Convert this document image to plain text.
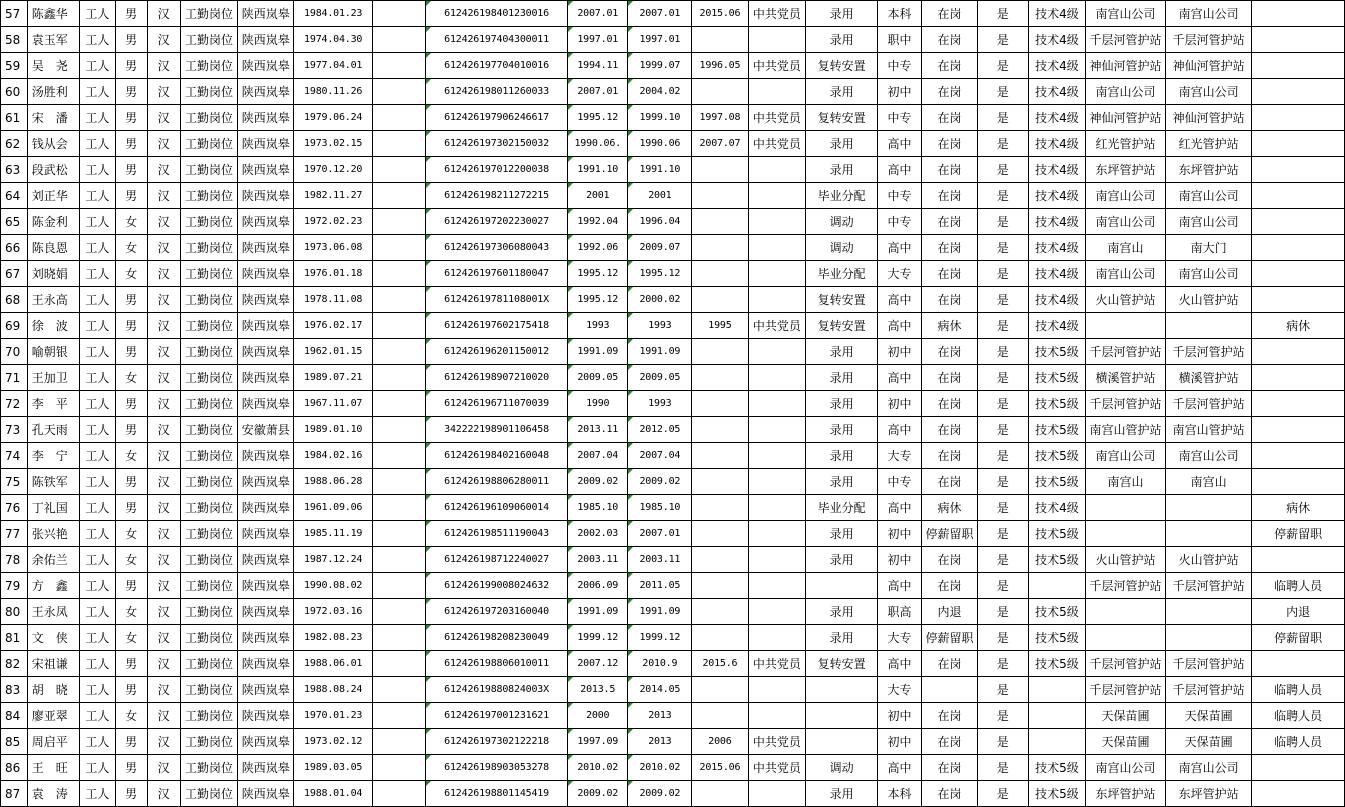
57	陈鑫华	工人	男	汉	工勤岗位	陕西岚皋	1984.01.23		612426198401230016	2007.01	2007.01	2015.06	中共党员	录用	本科	在岗	是	技术4级	南宫山公司	南宫山公司	
58	袁玉军	工人	男	汉	工勤岗位	陕西岚皋	1974.04.30		612426197404300011	1997.01	1997.01			录用	职中	在岗	是	技术4级	千层河管护站	千层河管护站	
59	吴　尧	工人	男	汉	工勤岗位	陕西岚皋	1977.04.01		612426197704010016	1994.11	1999.07	1996.05	中共党员	复转安置	中专	在岗	是	技术4级	神仙河管护站	神仙河管护站	
60	汤胜利	工人	男	汉	工勤岗位	陕西岚皋	1980.11.26		612426198011260033	2007.01	2004.02			录用	初中	在岗	是	技术4级	南宫山公司	南宫山公司	
61	宋　潘	工人	男	汉	工勤岗位	陕西岚皋	1979.06.24		612426197906246617	1995.12	1999.10	1997.08	中共党员	复转安置	中专	在岗	是	技术4级	神仙河管护站	神仙河管护站	
62	钱从会	工人	男	汉	工勤岗位	陕西岚皋	1973.02.15		612426197302150032	1990.06.	1990.06	2007.07	中共党员	录用	高中	在岗	是	技术4级	红光管护站	红光管护站	
63	段武松	工人	男	汉	工勤岗位	陕西岚皋	1970.12.20		612426197012200038	1991.10	1991.10			录用	高中	在岗	是	技术4级	东坪管护站	东坪管护站	
64	刘正华	工人	男	汉	工勤岗位	陕西岚皋	1982.11.27		612426198211272215	2001	2001			毕业分配	中专	在岗	是	技术4级	南宫山公司	南宫山公司	
65	陈金利	工人	女	汉	工勤岗位	陕西岚皋	1972.02.23		612426197202230027	1992.04	1996.04			调动	中专	在岗	是	技术4级	南宫山公司	南宫山公司	
66	陈良恩	工人	女	汉	工勤岗位	陕西岚皋	1973.06.08		612426197306080043	1992.06	2009.07			调动	高中	在岗	是	技术4级	南宫山	南大门	
67	刘晓娟	工人	女	汉	工勤岗位	陕西岚皋	1976.01.18		612426197601180047	1995.12	1995.12			毕业分配	大专	在岗	是	技术4级	南宫山公司	南宫山公司	
68	王永高	工人	男	汉	工勤岗位	陕西岚皋	1978.11.08		61242619781108001X	1995.12	2000.02			复转安置	高中	在岗	是	技术4级	火山管护站	火山管护站	
69	徐　波	工人	男	汉	工勤岗位	陕西岚皋	1976.02.17		612426197602175418	1993	1993	1995	中共党员	复转安置	高中	病休	是	技术4级			病休
70	喻朝银	工人	男	汉	工勤岗位	陕西岚皋	1962.01.15		612426196201150012	1991.09	1991.09			录用	初中	在岗	是	技术5级	千层河管护站	千层河管护站	
71	王加卫	工人	女	汉	工勤岗位	陕西岚皋	1989.07.21		612426198907210020	2009.05	2009.05			录用	高中	在岗	是	技术5级	横溪管护站	横溪管护站	
72	李　平	工人	男	汉	工勤岗位	陕西岚皋	1967.11.07		612426196711070039	1990	1993			录用	初中	在岗	是	技术5级	千层河管护站	千层河管护站	
73	孔天雨	工人	男	汉	工勤岗位	安徽萧县	1989.01.10		342222198901106458	2013.11	2012.05			录用	高中	在岗	是	技术5级	南宫山管护站	南宫山管护站	
74	李　宁	工人	女	汉	工勤岗位	陕西岚皋	1984.02.16		612426198402160048	2007.04	2007.04			录用	大专	在岗	是	技术5级	南宫山公司	南宫山公司	
75	陈铁军	工人	男	汉	工勤岗位	陕西岚皋	1988.06.28		612426198806280011	2009.02	2009.02			录用	中专	在岗	是	技术5级	南宫山	南宫山	
76	丁礼国	工人	男	汉	工勤岗位	陕西岚皋	1961.09.06		612426196109060014	1985.10	1985.10			毕业分配	高中	病休	是	技术4级			病休
77	张兴艳	工人	女	汉	工勤岗位	陕西岚皋	1985.11.19		612426198511190043	2002.03	2007.01			录用	初中	停薪留职	是	技术5级			停薪留职
78	余佑兰	工人	女	汉	工勤岗位	陕西岚皋	1987.12.24		612426198712240027	2003.11	2003.11			录用	初中	在岗	是	技术5级	火山管护站	火山管护站	
79	方　鑫	工人	男	汉	工勤岗位	陕西岚皋	1990.08.02		612426199008024632	2006.09	2011.05				高中	在岗	是		千层河管护站	千层河管护站	临聘人员
80	王永凤	工人	女	汉	工勤岗位	陕西岚皋	1972.03.16		612426197203160040	1991.09	1991.09			录用	职高	内退	是	技术5级			内退
81	文　侠	工人	女	汉	工勤岗位	陕西岚皋	1982.08.23		612426198208230049	1999.12	1999.12			录用	大专	停薪留职	是	技术5级			停薪留职
82	宋祖谦	工人	男	汉	工勤岗位	陕西岚皋	1988.06.01		612426198806010011	2007.12	2010.9	2015.6	中共党员	复转安置	高中	在岗	是	技术5级	千层河管护站	千层河管护站	
83	胡　晓	工人	男	汉	工勤岗位	陕西岚皋	1988.08.24		61242619880824003X	2013.5	2014.05				大专		是		千层河管护站	千层河管护站	临聘人员
84	廖亚翠	工人	女	汉	工勤岗位	陕西岚皋	1970.01.23		612426197001231621	2000	2013				初中	在岗	是		天保苗圃	天保苗圃	临聘人员
85	周启平	工人	男	汉	工勤岗位	陕西岚皋	1973.02.12		612426197302122218	1997.09	2013	2006	中共党员		初中	在岗	是		天保苗圃	天保苗圃	临聘人员
86	王　旺	工人	男	汉	工勤岗位	陕西岚皋	1989.03.05		612426198903053278	2010.02	2010.02	2015.06	中共党员	调动	高中	在岗	是	技术5级	南宫山公司	南宫山公司	
87	袁　涛	工人	男	汉	工勤岗位	陕西岚皋	1988.01.04		612426198801145419	2009.02	2009.02			录用	本科	在岗	是	技术5级	东坪管护站	东坪管护站	
